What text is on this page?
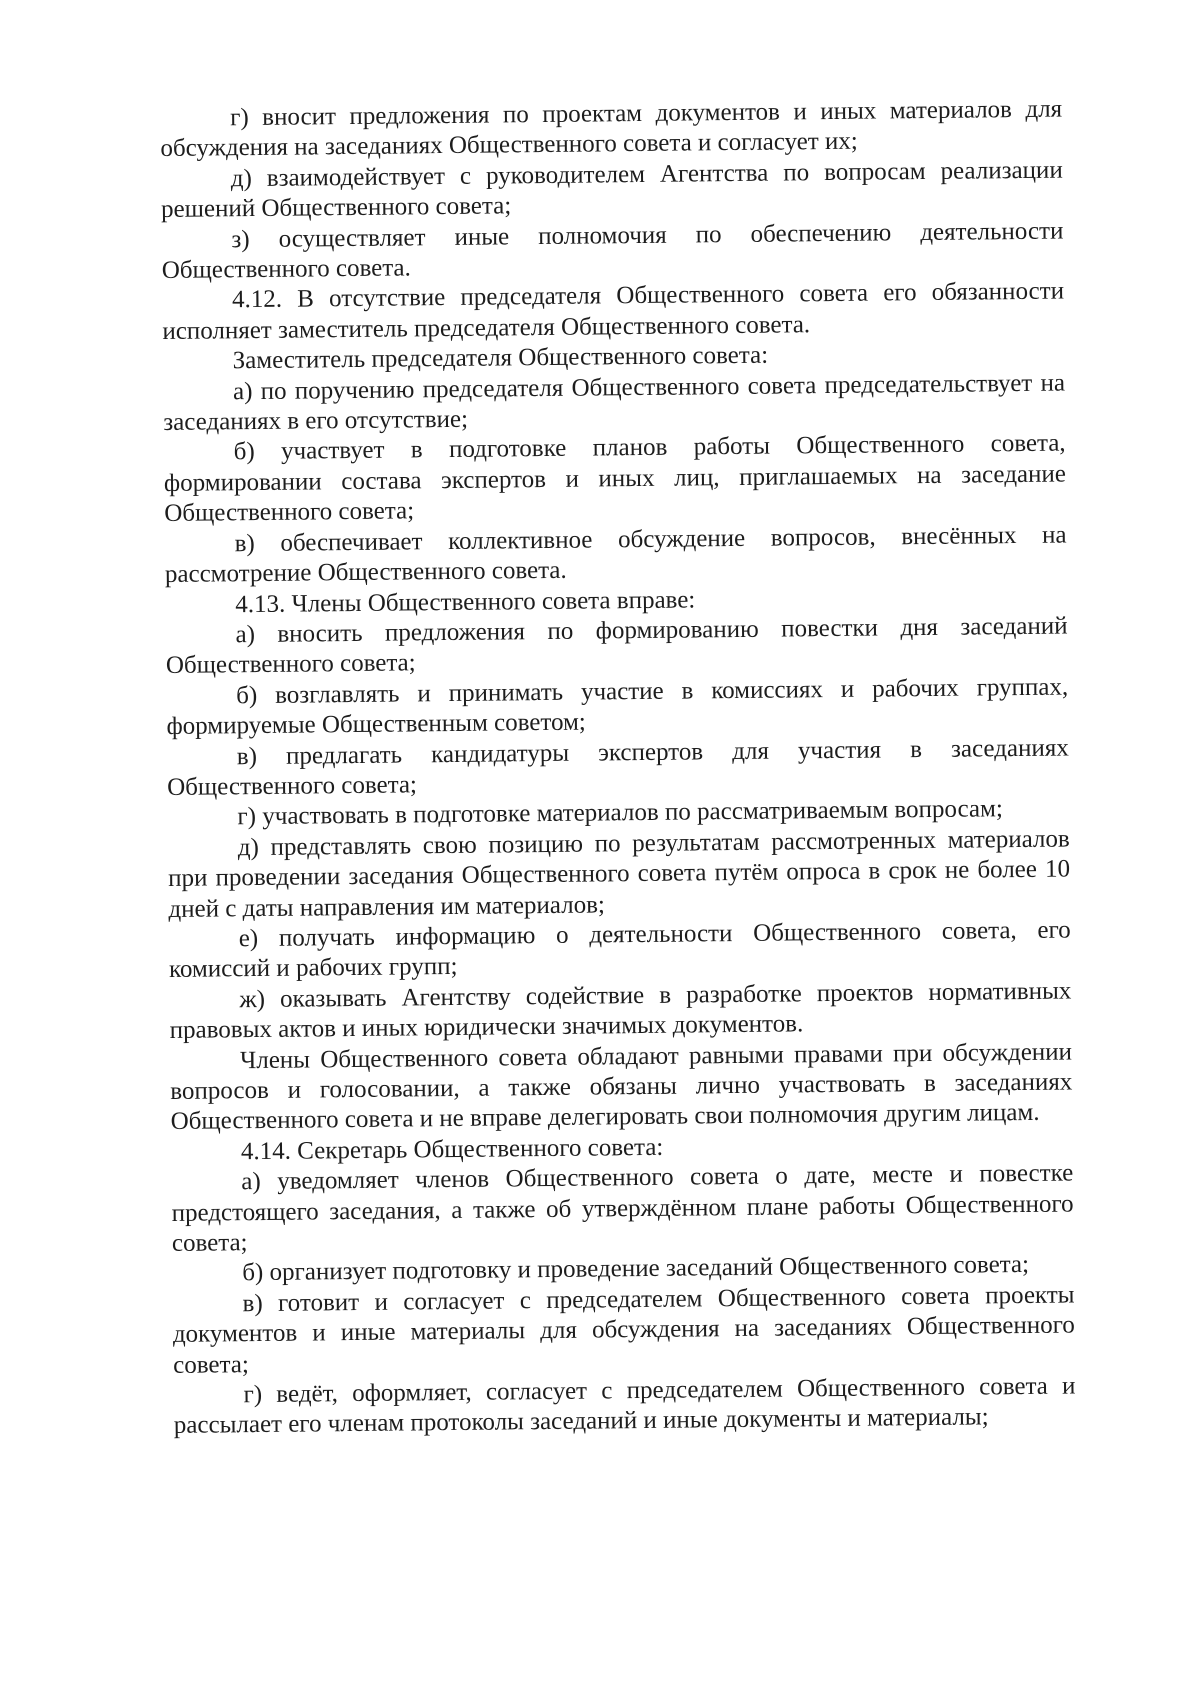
г) вносит предложения по проектам документов и иных материалов для обсуждения на заседаниях Общественного совета и согласует их;

д) взаимодействует с руководителем Агентства по вопросам реализации решений Общественного совета;

з) осуществляет иные полномочия по обеспечению деятельности Общественного совета.

4.12. В отсутствие председателя Общественного совета его обязанности исполняет заместитель председателя Общественного совета.

Заместитель председателя Общественного совета:

а) по поручению председателя Общественного совета председательствует на заседаниях в его отсутствие;

б) участвует в подготовке планов работы Общественного совета, формировании состава экспертов и иных лиц, приглашаемых на заседание Общественного совета;

в) обеспечивает коллективное обсуждение вопросов, внесённых на рассмотрение Общественного совета.

4.13. Члены Общественного совета вправе:

а) вносить предложения по формированию повестки дня заседаний Общественного совета;

б) возглавлять и принимать участие в комиссиях и рабочих группах, формируемые Общественным советом;

в) предлагать кандидатуры экспертов для участия в заседаниях Общественного совета;

г) участвовать в подготовке материалов по рассматриваемым вопросам;

д) представлять свою позицию по результатам рассмотренных материалов при проведении заседания Общественного совета путём опроса в срок не более 10 дней с даты направления им материалов;

е) получать информацию о деятельности Общественного совета, его комиссий и рабочих групп;

ж) оказывать Агентству содействие в разработке проектов нормативных правовых актов и иных юридически значимых документов.

Члены Общественного совета обладают равными правами при обсуждении вопросов и голосовании, а также обязаны лично участвовать в заседаниях Общественного совета и не вправе делегировать свои полномочия другим лицам.

4.14. Секретарь Общественного совета:

а) уведомляет членов Общественного совета о дате, месте и повестке предстоящего заседания, а также об утверждённом плане работы Общественного совета;

б) организует подготовку и проведение заседаний Общественного совета;

в) готовит и согласует с председателем Общественного совета проекты документов и иные материалы для обсуждения на заседаниях Общественного совета;

г) ведёт, оформляет, согласует с председателем Общественного совета и рассылает его членам протоколы заседаний и иные документы и материалы;
